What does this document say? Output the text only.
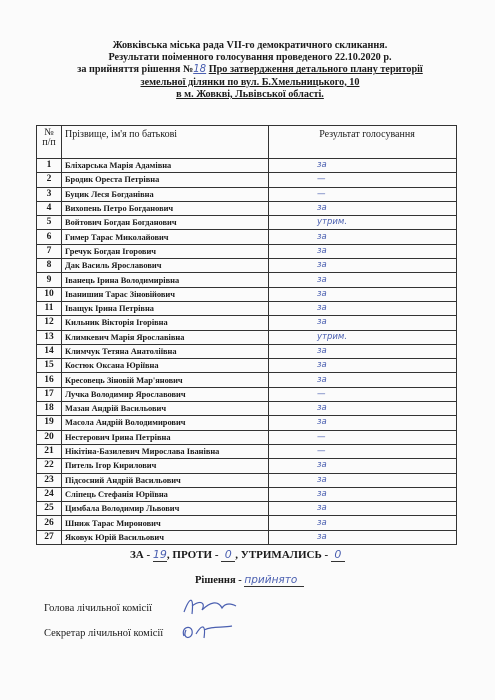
Жовківська міська рада VII-го демократичного скликання.
Результати поіменного голосування проведеного 22.10.2020 р.
за прийняття рішення №18 Про затвердження детального плану території
земельної ділянки по вул. Б.Хмельницького, 10
в м. Жовкві, Львівської області.
№ п/п	Прізвище, ім'я по батькові	Результат голосування
1	Бліхарська Марія Адамівна	за
2	Бродик Ореста Петрівна	—
3	Буцик Леся Богданівна	—
4	Вихопень Петро Богданович	за
5	Войтович Богдан Богданович	утрим.
6	Гимер Тарас Миколайович	за
7	Гречук Богдан Ігорович	за
8	Дак Василь Ярославович	за
9	Іванець Ірина Володимирівна	за
10	Іванишин Тарас Зіновійович	за
11	Іващук Ірина Петрівна	за
12	Кильник Вікторія Ігорівна	за
13	Климкевич Марія Ярославівна	утрим.
14	Климчук Тетяна Анатоліївна	за
15	Костюк Оксана Юріївна	за
16	Кресовець Зіновій Мар'янович	за
17	Лучка Володимир Ярославович	—
18	Мазан Андрій Васильович	за
19	Масола Андрій Володимирович	за
20	Нестерович Ірина Петрівна	—
21	Нікітіна-Базилевич Мирослава Іванівна	—
22	Питель Ігор Кирилович	за
23	Підсосний Андрій Васильович	за
24	Сліпець Стефанія Юріївна	за
25	Цимбала Володимир Львович	за
26	Шниж Тарас Миронович	за
27	Яковук Юрій Васильович	за
ЗА - 19, ПРОТИ - 0 , УТРИМАЛИСЬ - 0
Рішення - прийнято
Голова лічильної комісії
Секретар лічильної комісії
